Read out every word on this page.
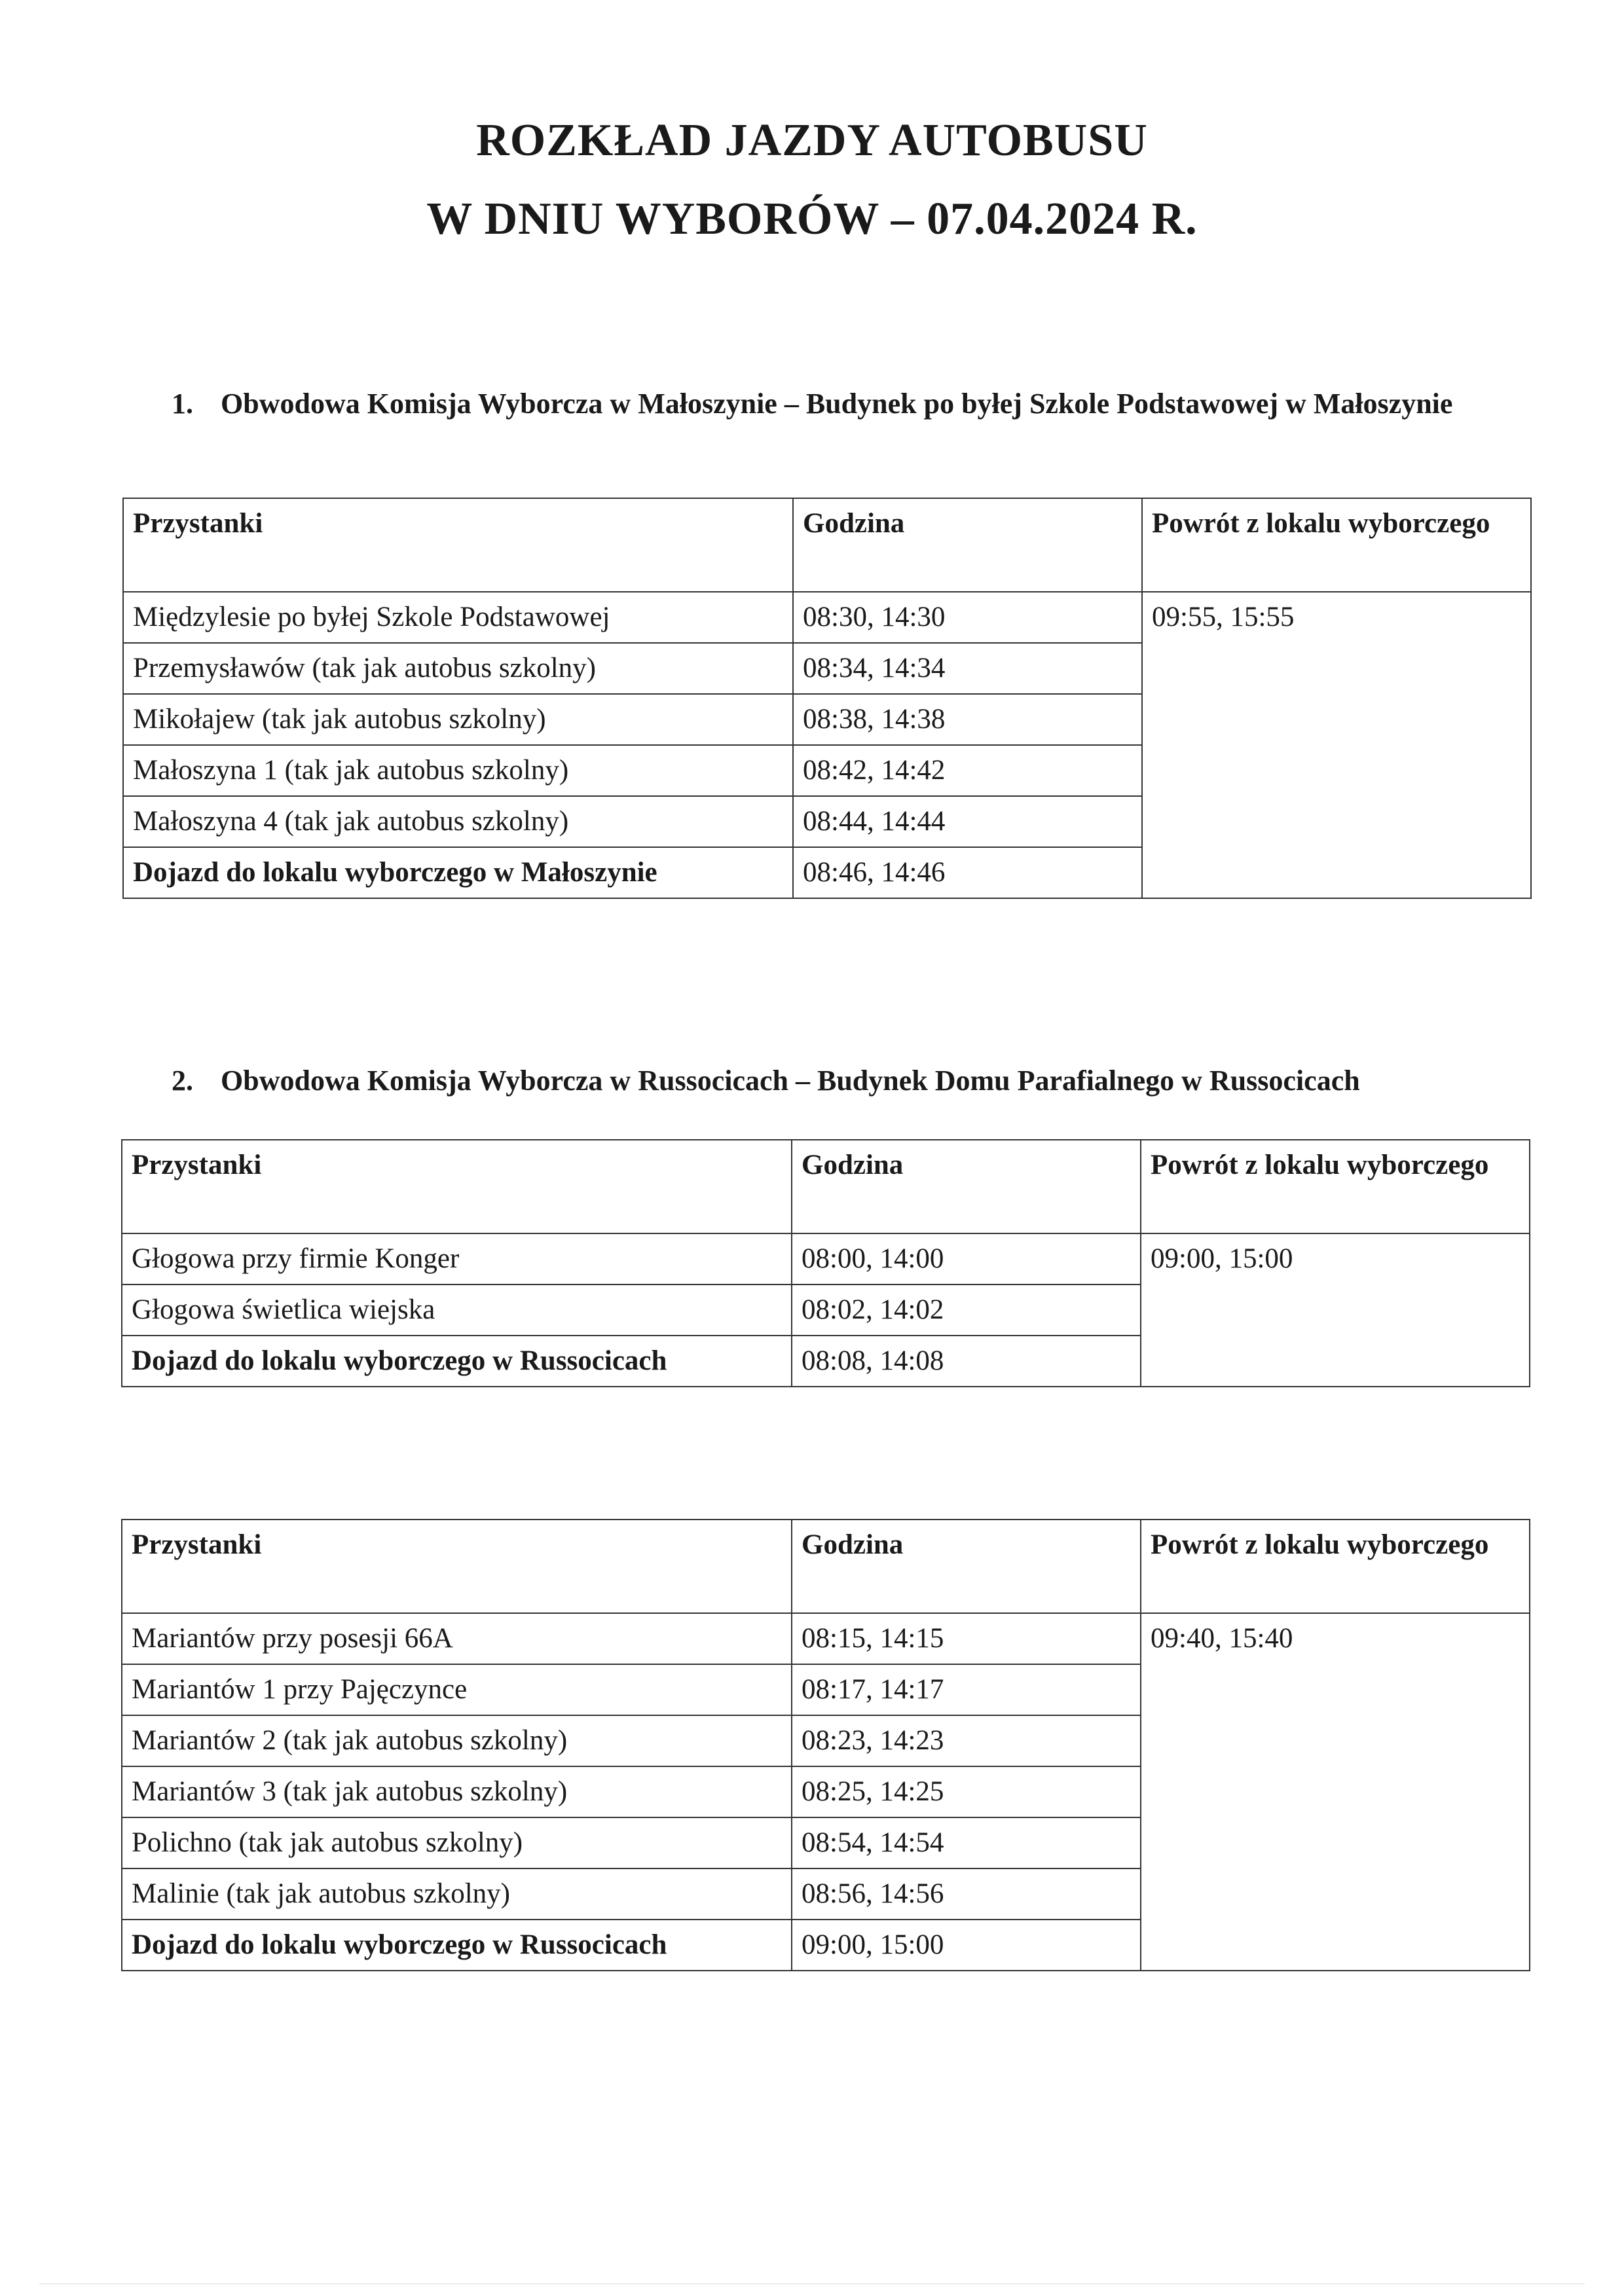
ROZKŁAD JAZDY AUTOBUSU
W DNIU WYBORÓW – 07.04.2024 R.
1. Obwodowa Komisja Wyborcza w Małoszynie – Budynek po byłej Szkole Podstawowej w Małoszynie
Przystanki	Godzina	Powrót z lokalu wyborczego
Międzylesie po byłej Szkole Podstawowej	08:30, 14:30	09:55, 15:55
Przemysławów (tak jak autobus szkolny)	08:34, 14:34	
Mikołajew (tak jak autobus szkolny)	08:38, 14:38	
Małoszyna 1 (tak jak autobus szkolny)	08:42, 14:42	
Małoszyna 4 (tak jak autobus szkolny)	08:44, 14:44	
Dojazd do lokalu wyborczego w Małoszynie	08:46, 14:46	
2. Obwodowa Komisja Wyborcza w Russocicach – Budynek Domu Parafialnego w Russocicach
Przystanki	Godzina	Powrót z lokalu wyborczego
Głogowa przy firmie Konger	08:00, 14:00	09:00, 15:00
Głogowa świetlica wiejska	08:02, 14:02	
Dojazd do lokalu wyborczego w Russocicach	08:08, 14:08	
Przystanki	Godzina	Powrót z lokalu wyborczego
Mariantów przy posesji 66A	08:15, 14:15	09:40, 15:40
Mariantów 1 przy Pajęczynce	08:17, 14:17	
Mariantów 2 (tak jak autobus szkolny)	08:23, 14:23	
Mariantów 3 (tak jak autobus szkolny)	08:25, 14:25	
Polichno (tak jak autobus szkolny)	08:54, 14:54	
Malinie (tak jak autobus szkolny)	08:56, 14:56	
Dojazd do lokalu wyborczego w Russocicach	09:00, 15:00	
